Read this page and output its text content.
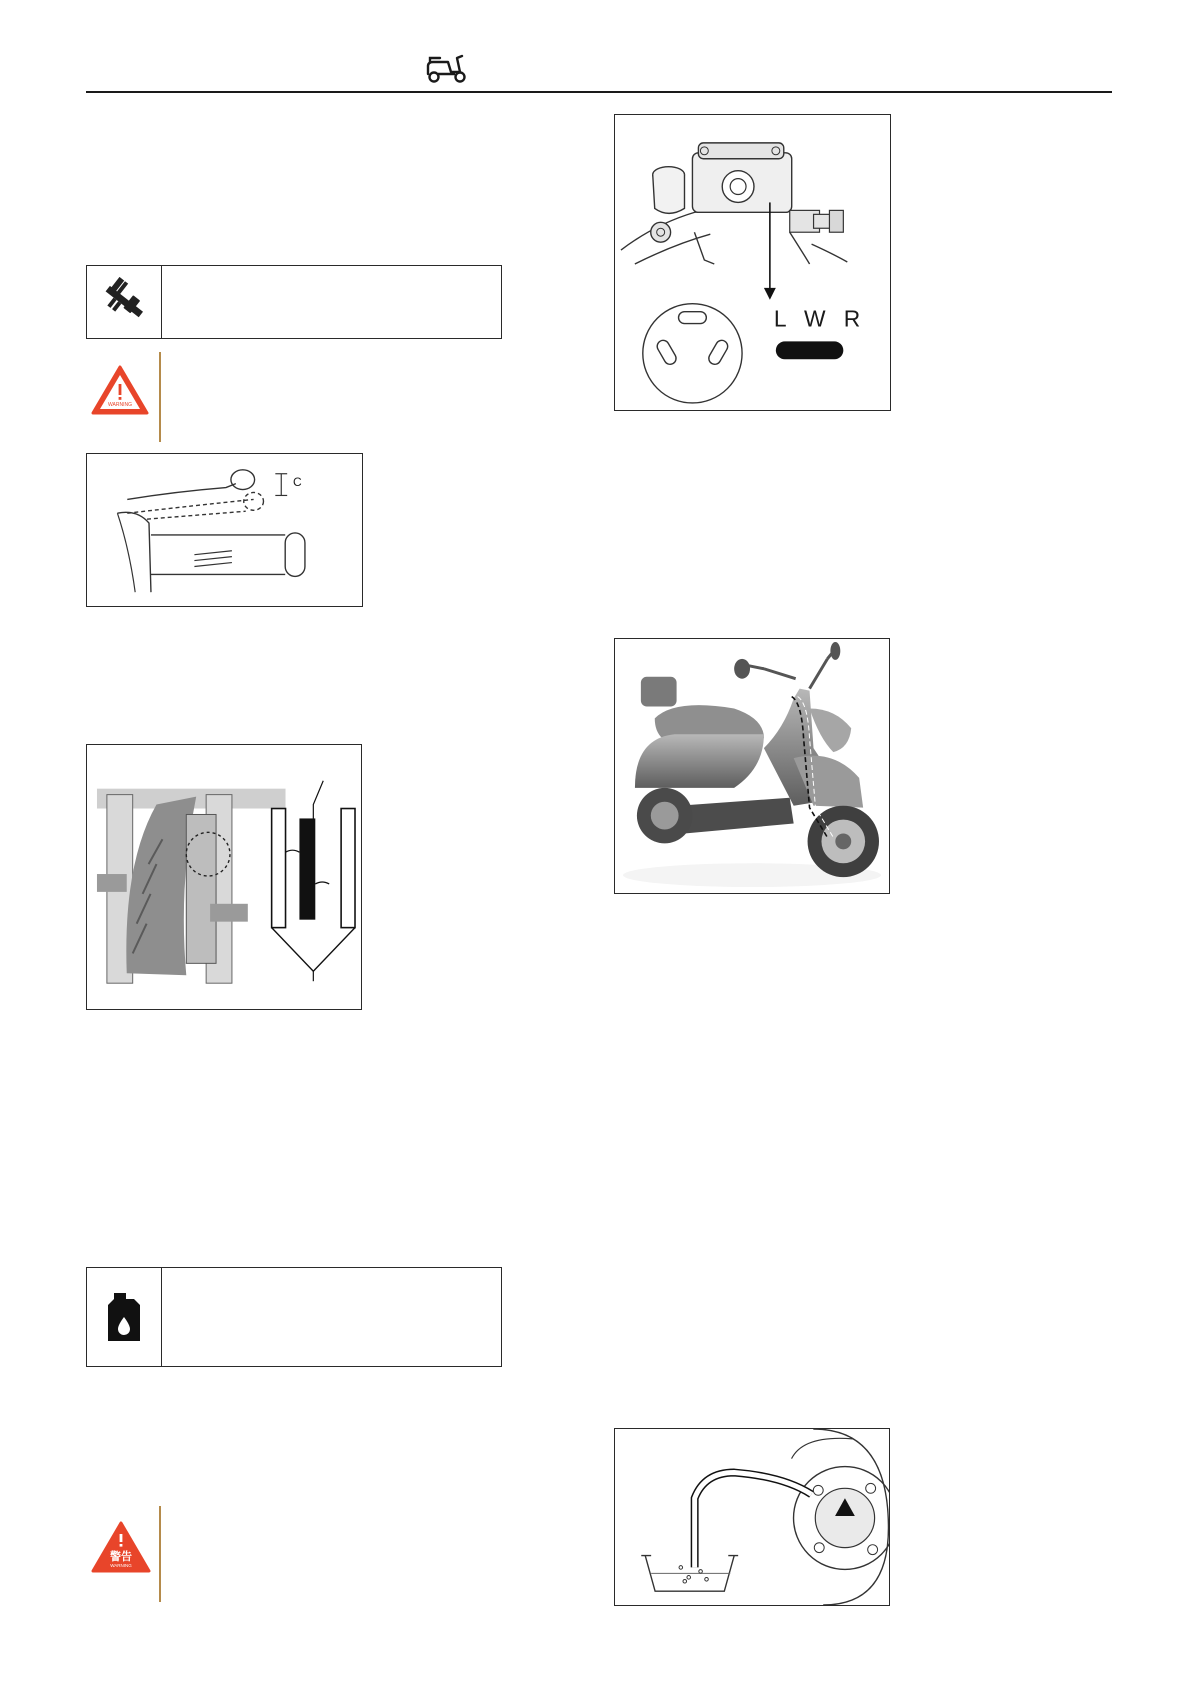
WARNING
C
警告
WARNING
L W R
